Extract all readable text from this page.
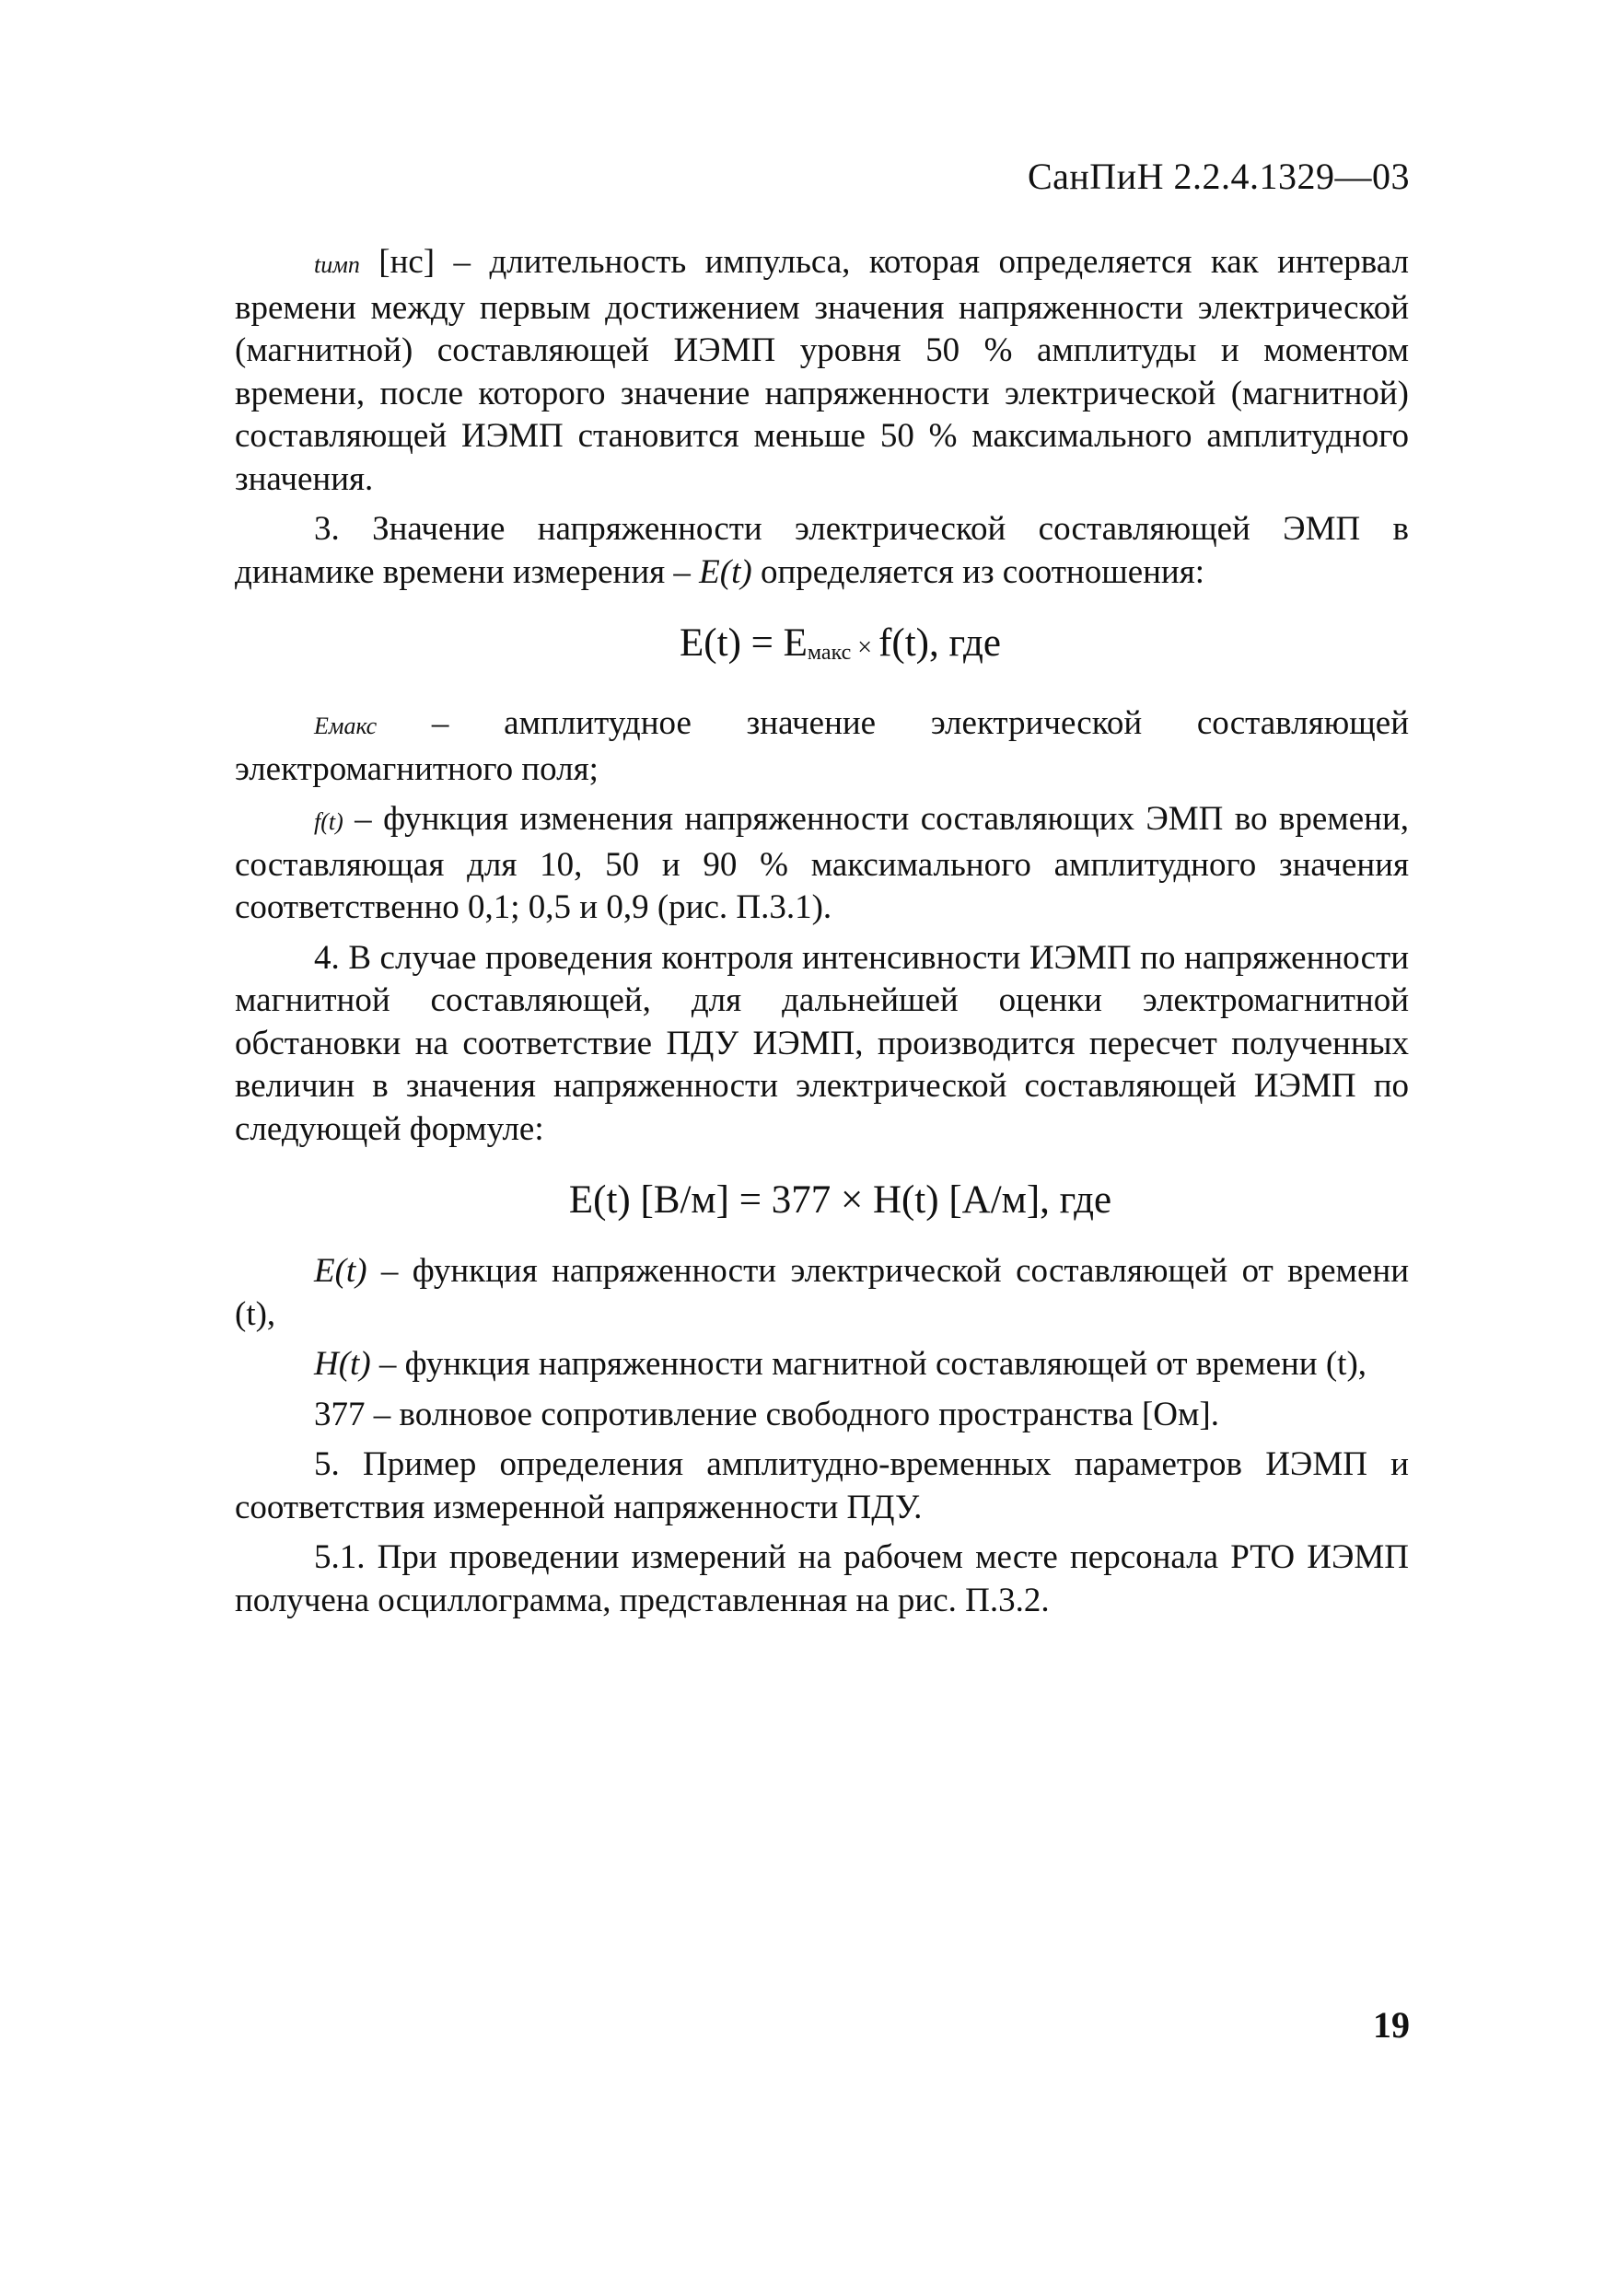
СанПиН 2.2.4.1329—03

tимп [нс] – длительность импульса, которая определяется как интервал времени между первым достижением значения напряженности электрической (магнитной) составляющей ИЭМП уровня 50 % амплитуды и моментом времени, после которого значение напряженности электрической (магнитной) составляющей ИЭМП становится меньше 50 % максимального амплитудного значения.

3. Значение напряженности электрической составляющей ЭМП в динамике времени измерения – E(t) определяется из соотношения:

$E(t) = E_{макс} \times f(t)$, где

Eмакс – амплитудное значение электрической составляющей электромагнитного поля;

f(t) – функция изменения напряженности составляющих ЭМП во времени, составляющая для 10, 50 и 90 % максимального амплитудного значения соответственно 0,1; 0,5 и 0,9 (рис. П.3.1).

4. В случае проведения контроля интенсивности ИЭМП по напряженности магнитной составляющей, для дальнейшей оценки электромагнитной обстановки на соответствие ПДУ ИЭМП, производится пересчет полученных величин в значения напряженности электрической составляющей ИЭМП по следующей формуле:

E(t) [В/м] = 377 × H(t) [А/м], где

E(t) – функция напряженности электрической составляющей от времени (t),

H(t) – функция напряженности магнитной составляющей от времени (t),

377 – волновое сопротивление свободного пространства [Ом].

5. Пример определения амплитудно-временных параметров ИЭМП и соответствия измеренной напряженности ПДУ.

5.1. При проведении измерений на рабочем месте персонала РТО ИЭМП получена осциллограмма, представленная на рис. П.3.2.

19
